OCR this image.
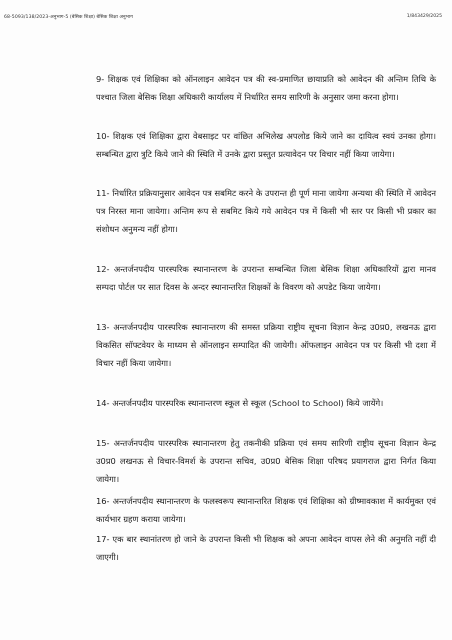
68-5093/138/2023-अनुभाग-5 (बेसिक शिक्षा) बेसिक शिक्षा अनुभाग	1/843429/2025
9- शिक्षक एवं शिक्षिका को ऑनलाइन आवेदन पत्र की स्व-प्रमाणित छायाप्रति को आवेदन की अन्तिम तिथि के पश्चात जिला बेसिक शिक्षा अधिकारी कार्यालय में निर्धारित समय सारिणी के अनुसार जमा करना होगा।
10- शिक्षक एवं शिक्षिका द्वारा वेबसाइट पर वांछित अभिलेख अपलोड किये जाने का दायित्व स्वयं उनका होगा। सम्बन्धित द्वारा त्रुटि किये जाने की स्थिति में उनके द्वारा प्रस्तुत प्रत्यावेदन पर विचार नहीं किया जायेगा।
11- निर्धारित प्रक्रियानुसार आवेदन पत्र सबमिट करने के उपरान्त ही पूर्ण माना जायेगा अन्यथा की स्थिति में आवेदन पत्र निरस्त माना जायेगा। अन्तिम रूप से सबमिट किये गये आवेदन पत्र में किसी भी स्तर पर किसी भी प्रकार का संशोधन अनुमन्य नहीं होगा।
12- अन्तर्जनपदीय पारस्परिक स्थानान्तरण के उपरान्त सम्बन्धित जिला बेसिक शिक्षा अधिकारियों द्वारा मानव सम्पदा पोर्टल पर सात दिवस के अन्दर स्थानान्तरित शिक्षकों के विवरण को अपडेट किया जायेगा।
13- अन्तर्जनपदीय पारस्परिक स्थानान्तरण की समस्त प्रक्रिया राष्ट्रीय सूचना विज्ञान केन्द्र उ0प्र0, लखनऊ द्वारा विकसित सॉफ्टवेयर के माध्यम से ऑनलाइन सम्पादित की जायेगी। ऑफलाइन आवेदन पत्र पर किसी भी दशा में विचार नहीं किया जायेगा।
14- अन्तर्जनपदीय पारस्परिक स्थानान्तरण स्कूल से स्कूल (School to School) किये जायेंगे।
15- अन्तर्जनपदीय पारस्परिक स्थानान्तरण हेतु तकनीकी प्रक्रिया एवं समय सारिणी राष्ट्रीय सूचना विज्ञान केन्द्र उ0प्र0 लखनऊ से विचार-विमर्श के उपरान्त सचिव, उ0प्र0 बेसिक शिक्षा परिषद प्रयागराज द्वारा निर्गत किया जायेगा।
16- अन्तर्जनपदीय स्थानान्तरण के फलस्वरूप स्थानान्तरित शिक्षक एवं शिक्षिका को ग्रीष्मावकाश में कार्यमुक्त एवं कार्यभार ग्रहण कराया जायेगा।
17- एक बार स्थानांतरण हो जाने के उपरान्त किसी भी शिक्षक को अपना आवेदन वापस लेने की अनुमति नहीं दी जाएगी।
